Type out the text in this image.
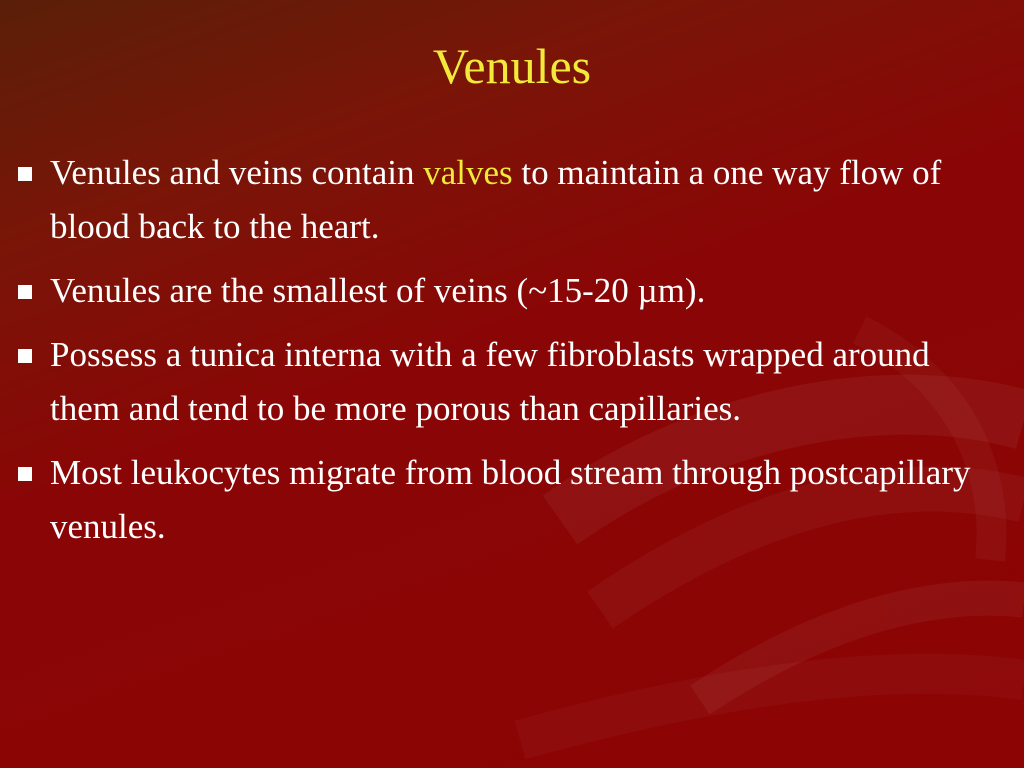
Venules
Venules and veins contain valves to maintain a one way flow of blood back to the heart.
Venules are the smallest of veins (~15-20 µm).
Possess a tunica interna with a few fibroblasts wrapped around them and tend to be more porous than capillaries.
Most leukocytes migrate from blood stream through postcapillary venules.
